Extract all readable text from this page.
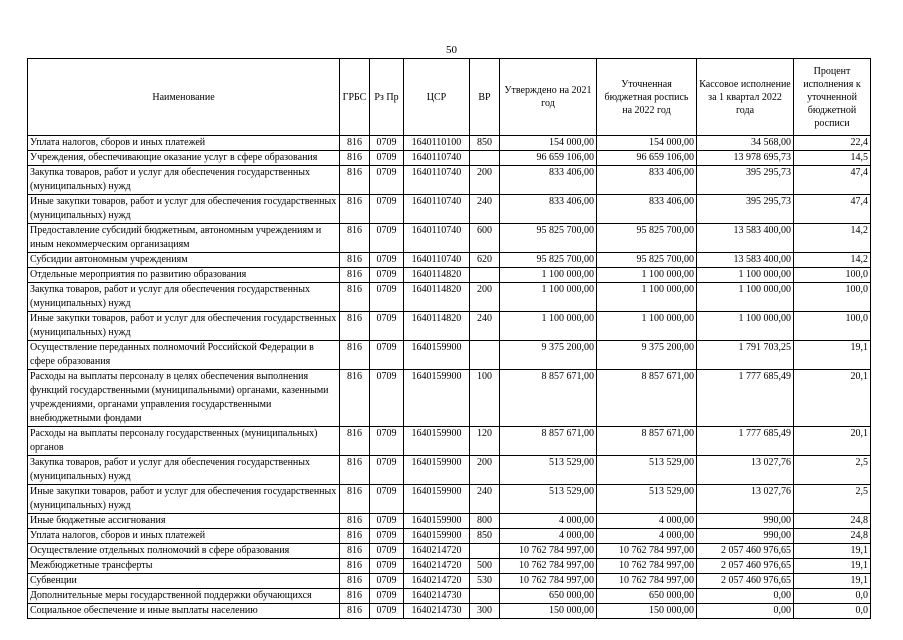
50
Наименование	ГРБС	Рз Пр	ЦСР	ВР	Утверждено на 2021 год	Уточненная бюджетная роспись на 2022 год	Кассовое исполнение за 1 квартал 2022 года	Процент исполнения к уточненной бюджетной росписи
Уплата налогов, сборов и иных платежей	816	0709	1640110100	850	154 000,00	154 000,00	34 568,00	22,4
Учреждения, обеспечивающие оказание услуг в сфере образования	816	0709	1640110740		96 659 106,00	96 659 106,00	13 978 695,73	14,5
Закупка товаров, работ и услуг для обеспечения государственных (муниципальных) нужд	816	0709	1640110740	200	833 406,00	833 406,00	395 295,73	47,4
Иные закупки товаров, работ и услуг для обеспечения государственных (муниципальных) нужд	816	0709	1640110740	240	833 406,00	833 406,00	395 295,73	47,4
Предоставление субсидий бюджетным, автономным учреждениям и иным некоммерческим организациям	816	0709	1640110740	600	95 825 700,00	95 825 700,00	13 583 400,00	14,2
Субсидии автономным учреждениям	816	0709	1640110740	620	95 825 700,00	95 825 700,00	13 583 400,00	14,2
Отдельные мероприятия по развитию образования	816	0709	1640114820		1 100 000,00	1 100 000,00	1 100 000,00	100,0
Закупка товаров, работ и услуг для обеспечения государственных (муниципальных) нужд	816	0709	1640114820	200	1 100 000,00	1 100 000,00	1 100 000,00	100,0
Иные закупки товаров, работ и услуг для обеспечения государственных (муниципальных) нужд	816	0709	1640114820	240	1 100 000,00	1 100 000,00	1 100 000,00	100,0
Осуществление переданных полномочий Российской Федерации в сфере образования	816	0709	1640159900		9 375 200,00	9 375 200,00	1 791 703,25	19,1
Расходы на выплаты персоналу в целях обеспечения выполнения функций государственными (муниципальными) органами, казенными учреждениями, органами управления государственными внебюджетными фондами	816	0709	1640159900	100	8 857 671,00	8 857 671,00	1 777 685,49	20,1
Расходы на выплаты персоналу государственных (муниципальных) органов	816	0709	1640159900	120	8 857 671,00	8 857 671,00	1 777 685,49	20,1
Закупка товаров, работ и услуг для обеспечения государственных (муниципальных) нужд	816	0709	1640159900	200	513 529,00	513 529,00	13 027,76	2,5
Иные закупки товаров, работ и услуг для обеспечения государственных (муниципальных) нужд	816	0709	1640159900	240	513 529,00	513 529,00	13 027,76	2,5
Иные бюджетные ассигнования	816	0709	1640159900	800	4 000,00	4 000,00	990,00	24,8
Уплата налогов, сборов и иных платежей	816	0709	1640159900	850	4 000,00	4 000,00	990,00	24,8
Осуществление отдельных полномочий в сфере образования	816	0709	1640214720		10 762 784 997,00	10 762 784 997,00	2 057 460 976,65	19,1
Межбюджетные трансферты	816	0709	1640214720	500	10 762 784 997,00	10 762 784 997,00	2 057 460 976,65	19,1
Субвенции	816	0709	1640214720	530	10 762 784 997,00	10 762 784 997,00	2 057 460 976,65	19,1
Дополнительные меры государственной поддержки обучающихся	816	0709	1640214730		650 000,00	650 000,00	0,00	0,0
Социальное обеспечение и иные выплаты населению	816	0709	1640214730	300	150 000,00	150 000,00	0,00	0,0
